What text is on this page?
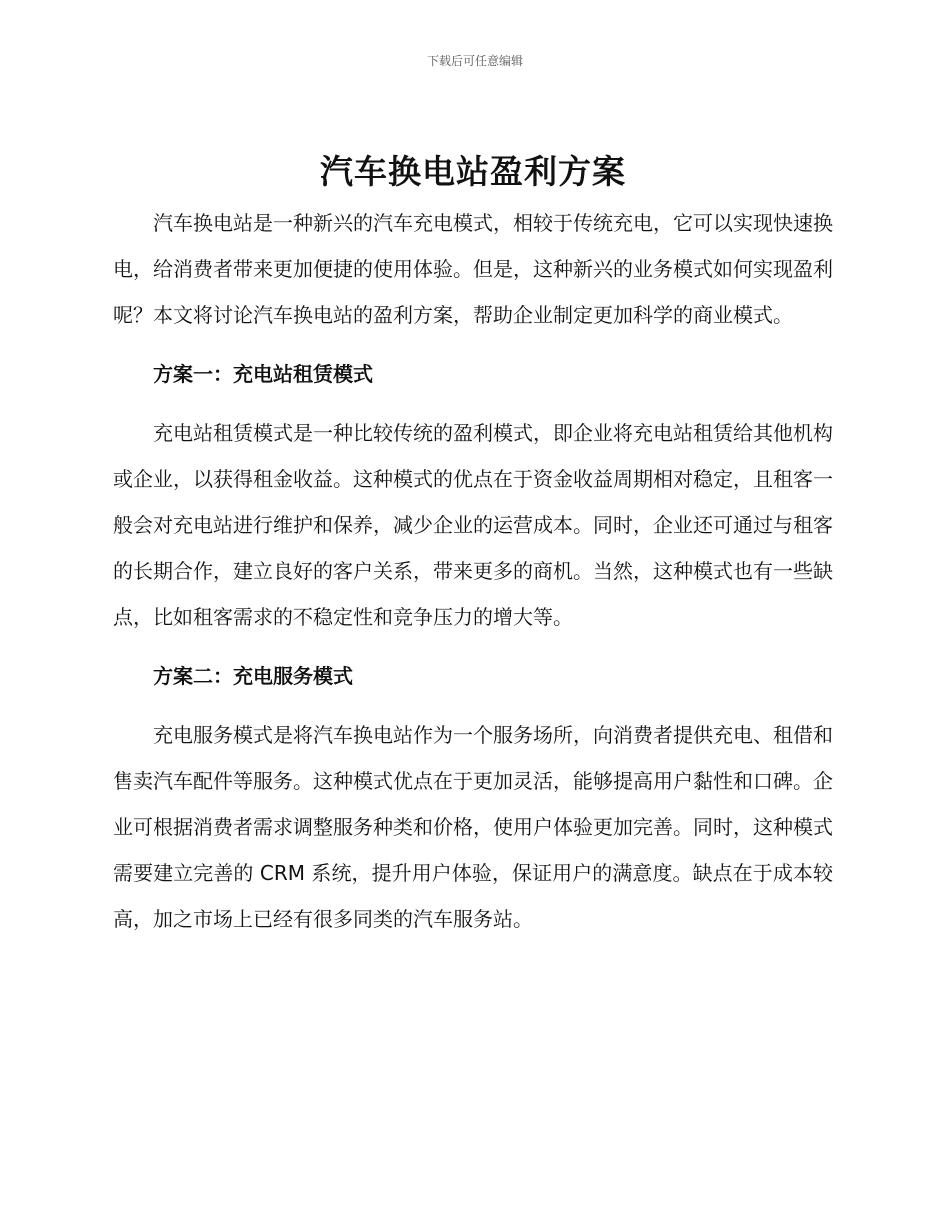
下载后可任意编辑
汽车换电站盈利方案

汽车换电站是一种新兴的汽车充电模式，相较于传统充电，它可以实现快速换电，给消费者带来更加便捷的使用体验。但是，这种新兴的业务模式如何实现盈利呢？本文将讨论汽车换电站的盈利方案，帮助企业制定更加科学的商业模式。

方案一：充电站租赁模式

充电站租赁模式是一种比较传统的盈利模式，即企业将充电站租赁给其他机构或企业，以获得租金收益。这种模式的优点在于资金收益周期相对稳定，且租客一般会对充电站进行维护和保养，减少企业的运营成本。同时，企业还可通过与租客的长期合作，建立良好的客户关系，带来更多的商机。当然，这种模式也有一些缺点，比如租客需求的不稳定性和竞争压力的增大等。

方案二：充电服务模式

充电服务模式是将汽车换电站作为一个服务场所，向消费者提供充电、租借和售卖汽车配件等服务。这种模式优点在于更加灵活，能够提高用户黏性和口碑。企业可根据消费者需求调整服务种类和价格，使用户体验更加完善。同时，这种模式需要建立完善的 CRM 系统，提升用户体验，保证用户的满意度。缺点在于成本较高，加之市场上已经有很多同类的汽车服务站。
